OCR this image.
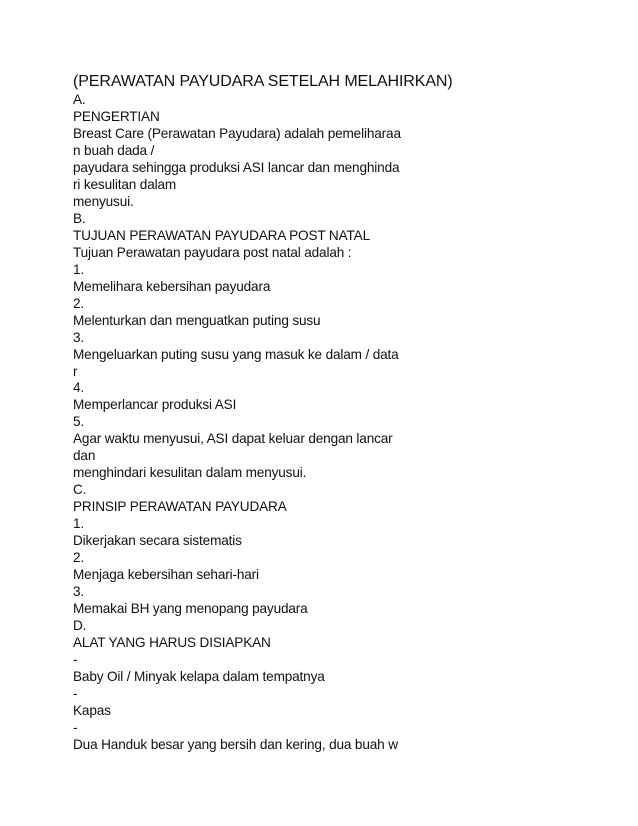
(PERAWATAN PAYUDARA SETELAH MELAHIRKAN)
A.
PENGERTIAN
Breast Care (Perawatan Payudara) adalah pemeliharaa
n buah dada /
payudara sehingga produksi ASI lancar dan menghinda
ri kesulitan dalam
menyusui.
B.
TUJUAN PERAWATAN PAYUDARA POST NATAL
Tujuan Perawatan payudara post natal adalah :
1.
Memelihara kebersihan payudara
2.
Melenturkan dan menguatkan puting susu
3.
Mengeluarkan puting susu yang masuk ke dalam / data
r
4.
Memperlancar produksi ASI
5.
Agar waktu menyusui, ASI dapat keluar dengan lancar
dan
menghindari kesulitan dalam menyusui.
C.
PRINSIP PERAWATAN PAYUDARA
1.
Dikerjakan secara sistematis
2.
Menjaga kebersihan sehari-hari
3.
Memakai BH yang menopang payudara
D.
ALAT YANG HARUS DISIAPKAN
-
Baby Oil / Minyak kelapa dalam tempatnya
-
Kapas
-
Dua Handuk besar yang bersih dan kering, dua buah w
